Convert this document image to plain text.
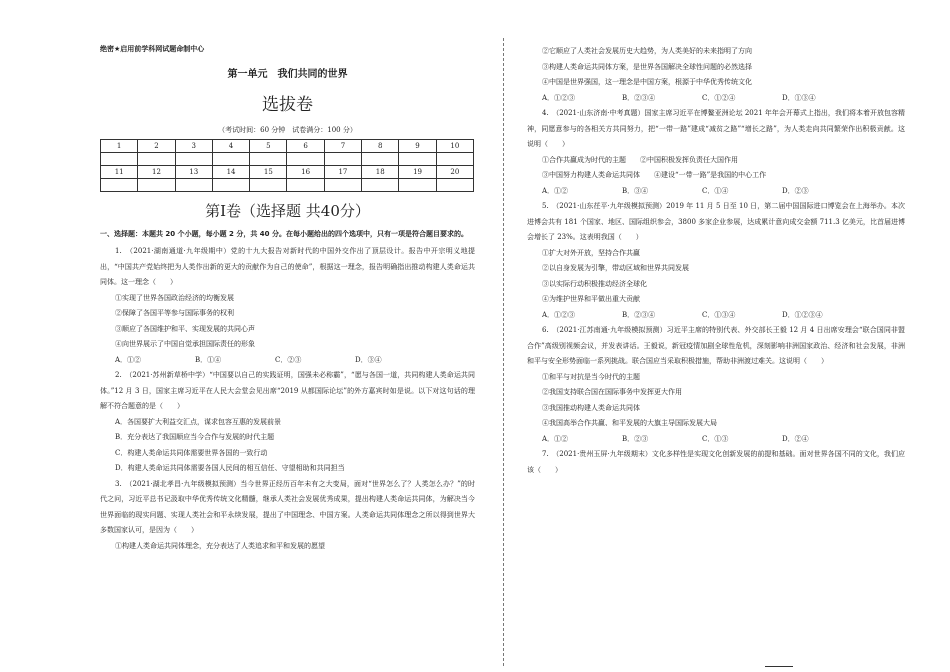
绝密★启用前学科网试题命制中心
第一单元　我们共同的世界
选拔卷
（考试时间：60 分钟　试卷满分：100 分）
1	2	3	4	5	6	7	8	9	10

11	12	13	14	15	16	17	18	19	20

第Ⅰ卷（选择题 共40分）
一、选择题：本题共 20 个小题，每小题 2 分，共 40 分。在每小题给出的四个选项中，只有一项是符合题目要求的。

1.　（2021·湖南通道·九年级期中）党的十九大报告对新时代的中国外交作出了顶层设计。报告中开宗明义地提出，“中国共产党始终把为人类作出新的更大的贡献作为自己的使命”，根据这一理念，报告明确指出推动构建人类命运共同体。这一理念（　　）

①实现了世界各国政治经济的均衡发展
②保障了各国平等参与国际事务的权利
③顺应了各国维护和平、实现发展的共同心声
④向世界展示了中国自觉承担国际责任的形象
A．①②	B．①④	C．②③	D．③④

2.　（2021·苏州新草桥中学）“中国要以自己的实践证明，国强未必称霸”，“愿与各国一道，共同构建人类命运共同体。”12 月 3 日，国家主席习近平在人民大会堂会见出席“2019 从都国际论坛”的外方嘉宾时如是说。以下对这句话的理解不符合题意的是（　　）

A．各国要扩大利益交汇点，谋求包容互惠的发展前景
B．充分表达了我国顺应当今合作与发展的时代主题
C．构建人类命运共同体需要世界各国的一致行动
D．构建人类命运共同体需要各国人民间的相互信任、守望相助和共同担当

3.　（2021·湖北孝昌·九年级模拟预测）当今世界正经历百年未有之大变局，面对“世界怎么了？人类怎么办？”的时代之问，习近平总书记汲取中华优秀传统文化精髓，继承人类社会发展优秀成果，提出构建人类命运共同体，为解决当今世界面临的现实问题、实现人类社会和平永续发展，提出了中国理念、中国方案。人类命运共同体理念之所以得到世界大多数国家认可，是因为（　　）

①构建人类命运共同体理念，充分表达了人类追求和平和发展的愿望
②它顺应了人类社会发展历史大趋势，为人类美好的未来指明了方向
③构建人类命运共同体方案，是世界各国解决全球性问题的必然选择
④中国是世界强国，这一理念是中国方案，根源于中华优秀传统文化
A．①②③	B．②③④	C．①②④	D．①③④

4.　（2021·山东济南·中考真题）国家主席习近平在博鳌亚洲论坛 2021 年年会开幕式上指出，我们将本着开放包容精神，同愿意参与的各相关方共同努力，把“一带一路”建成“减贫之路”“增长之路”，为人类走向共同繁荣作出积极贡献。这说明（　　）

①合作共赢成为时代的主题　　②中国积极发挥负责任大国作用
③中国努力构建人类命运共同体　　④建设“一带一路”是我国的中心工作
A．①②	B．③④	C．①④	D．②③

5.　（2021·山东茌平·九年级模拟预测）2019 年 11 月 5 日至 10 日，第二届中国国际进口博览会在上海举办。本次进博会共有 181 个国家、地区、国际组织参会，3800 多家企业参展，达成累计意向成交金额 711.3 亿美元，比首届进博会增长了 23%。这表明我国（　　）

①扩大对外开放，坚持合作共赢
②以自身发展为引擎，带动区域和世界共同发展
③以实际行动积极推动经济全球化
④为维护世界和平做出重大贡献
A．①②③	B．②③④	C．①③④	D．①②③④

6.　（2021·江苏南通·九年级模拟预测）习近平主席的特别代表、外交部长王毅 12 月 4 日出席安理会“联合国同非盟合作”高级别视频会议，并发表讲话。王毅说，新冠疫情加剧全球性危机，深刻影响非洲国家政治、经济和社会发展，非洲和平与安全形势面临一系列挑战。联合国应当采取积极措施，帮助非洲渡过难关。这说明（　　）

①和平与对抗是当今时代的主题
②我国支持联合国在国际事务中发挥更大作用
③我国推动构建人类命运共同体
④我国高举合作共赢、和平发展的大旗主导国际发展大局
A．①②	B．②③	C．①③	D．②④

7.　（2021·贵州玉屏·九年级期末）文化多样性是实现文化创新发展的前提和基础。面对世界各国不同的文化，我们应该（　　）
